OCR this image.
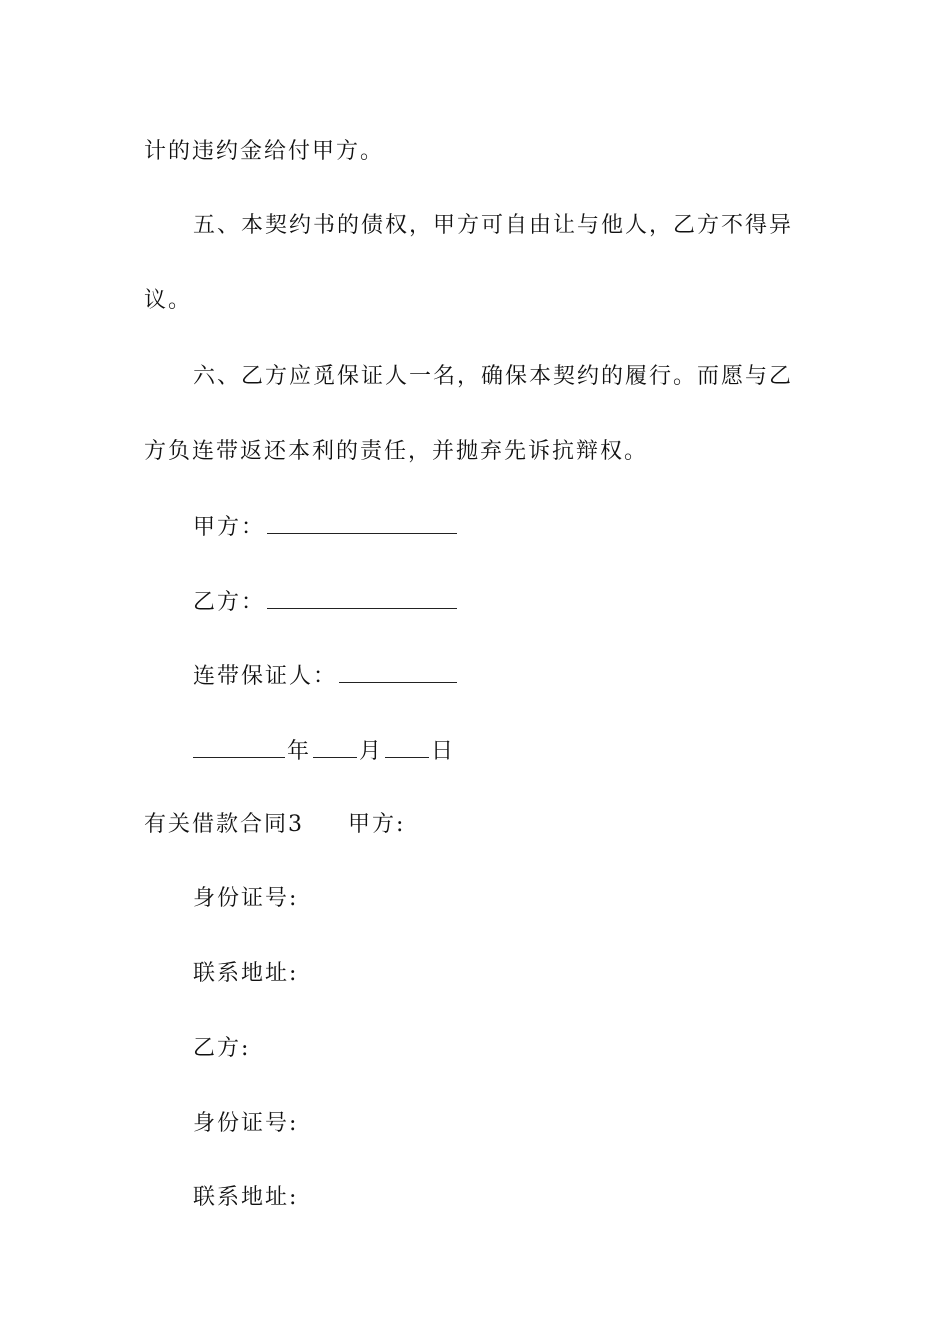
计的违约金给付甲方。
五、本契约书的债权，甲方可自由让与他人，乙方不得异
议。
六、乙方应觅保证人一名，确保本契约的履行。而愿与乙
方负连带返还本利的责任，并抛弃先诉抗辩权。
甲方：
乙方：
连带保证人：
年 月 日
有关借款合同3 甲方:
身份证号:
联系地址:
乙方:
身份证号:
联系地址:
